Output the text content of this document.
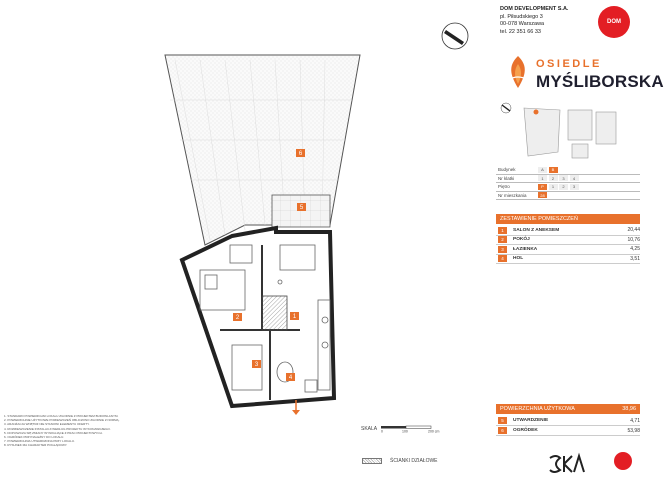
6
5
1
2
3
4
DOM DEVELOPMENT S.A.
pl. Piłsudskiego 3
00-078 Warszawa
tel. 22 351 66 33
DOM
OSIEDLE
MYŚLIBORSKA
Budynek	A	B
Nr klatki	1	2	3	4
Piętro	P	1	2	3
Nr mieszkania	28
ZESTAWIENIE POMIESZCZEŃ
1	SALON Z ANEKSEM	20,44
2	POKÓJ	10,76
3	ŁAZIENKA	4,25
4	HOL	3,51
POWIERZCHNIA UŻYTKOWA	38,96
5	UTWARDZENIE	4,71
6	OGRÓDEK	53,98
1. STANDARD POWIERZCHNI LOKALU ZGODNIE Z PROJEKTEM BUDOWLANYM.
2. POWIERZCHNIE UŻYTKOWE POMIESZCZEŃ OBLICZONO ZGODNIE Z NORMĄ.
3. ARANŻACJA WNĘTRZ NIE STANOWI ELEMENTU OFERTY.
4. ROZMIESZCZENIE INSTALACJI WEDŁUG PROJEKTU WYKONAWCZEGO.
5. DOPUSZCZA SIĘ ZMIANY WYNIKAJĄCE Z PRAC PROJEKTOWYCH.
6. OGRÓDEK PRZYNALEŻNY DO LOKALU.
7. POWIERZCHNIA UTWARDZONA PRZY LOKALU.
8. RYSUNEK MA CHARAKTER POGLĄDOWY.
SKALA 0	100	200 cm
ŚCIANKI DZIAŁOWE
